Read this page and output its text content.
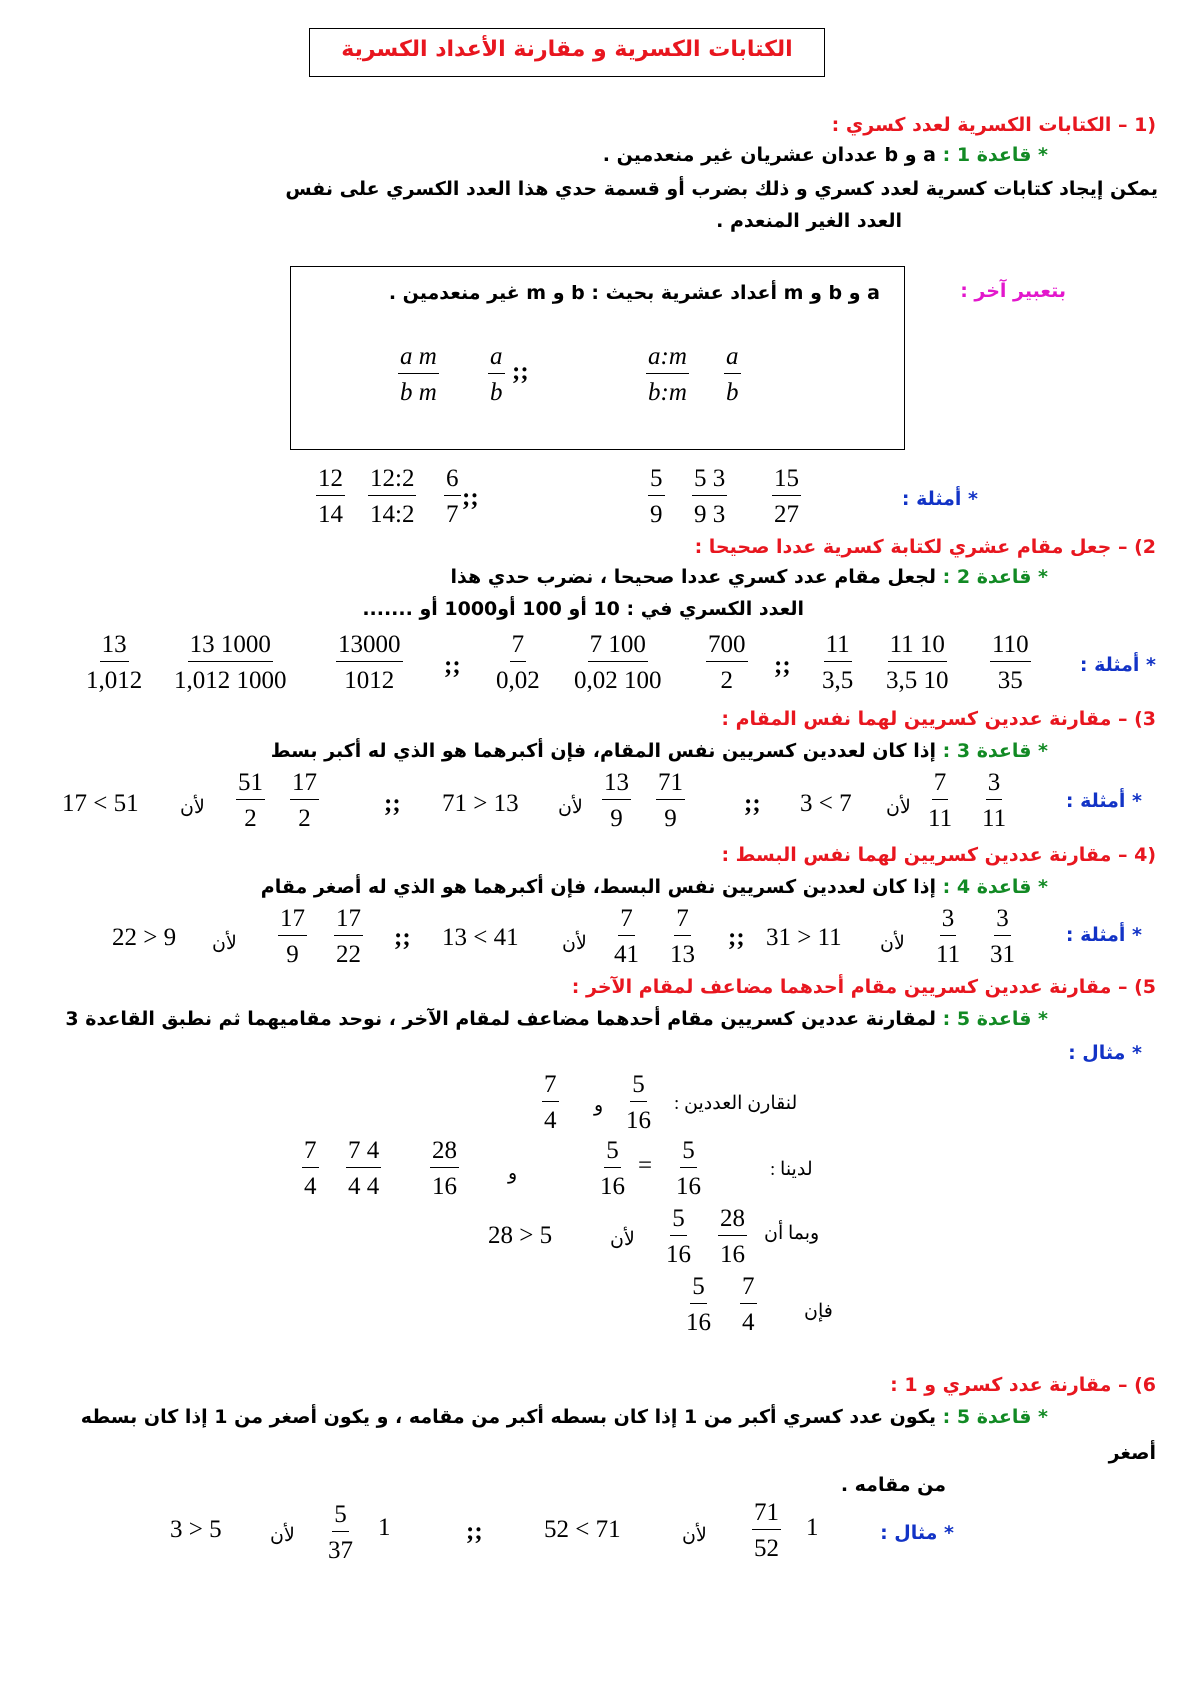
الكتابات الكسرية و مقارنة الأعداد الكسرية
(1 – الكتابات الكسرية لعدد كسري :
* قاعدة 1 : a و b عددان عشريان غير منعدمين .
يمكن إيجاد كتابات كسرية لعدد كسري و ذلك بضرب أو قسمة حدي هذا العدد الكسري على نفس
العدد الغير المنعدم .
بتعبير آخر :
a و b و m أعداد عشرية بحيث : b و m غير منعدمين .
$\frac{a:m}{b:m} \frac{a}{b}$
;;
$\frac{a}{b}$
$\frac{\text{a m}}{\text{b m}}$
* أمثلة :
$\frac{5}{9} \frac{5 3}{9 3} \frac{15}{27}$
;;
$\frac{12}{14} \frac{12:2}{14:2} \frac{6}{7}$
2) – جعل مقام عشري لكتابة كسرية عددا صحيحا :
* قاعدة 2 : لجعل مقام عدد كسري عددا صحيحا ، نضرب حدي هذا
العدد الكسري في : 10 أو 100 أو1000 أو .......
* أمثلة :
$\frac{11}{3,5} \frac{11 10}{3,5 10} \frac{110}{35}$
;;
$\frac{7}{0,02} \frac{7 100}{0,02 100} \frac{700}{2}$
;;
$\frac{13}{1,012} \frac{13 1000}{1,012 1000} \frac{13000}{1012}$
3) – مقارنة عددين كسريين لهما نفس المقام :
* قاعدة 3 : إذا كان لعددين كسريين نفس المقام، فإن أكبرهما هو الذي له أكبر بسط
* أمثلة :
$\frac{3}{11}$
$\frac{7}{11}$
لأن
3 < 7
;;
$\frac{71}{9}$
$\frac{13}{9}$
لأن
71 > 13
;;
$\frac{17}{2}$
$\frac{51}{2}$
لأن
17 < 51
(4 – مقارنة عددين كسريين لهما نفس البسط :
* قاعدة 4 : إذا كان لعددين كسريين نفس البسط، فإن أكبرهما هو الذي له أصغر مقام
* أمثلة :
$\frac{3}{31}$
$\frac{3}{11}$
لأن
31 > 11
;;
$\frac{7}{13}$
$\frac{7}{41}$
لأن
13 < 41
;;
$\frac{17}{22}$
$\frac{17}{9}$
لأن
22 > 9
5) – مقارنة عددين كسريين مقام أحدهما مضاعف لمقام الآخر :
* قاعدة 5 : لمقارنة عددين كسريين مقام أحدهما مضاعف لمقام الآخر ، نوحد مقاميهما ثم نطبق القاعدة 3
* مثال :
لنقارن العددين :
$\frac{5}{16}$
و
$\frac{7}{4}$
لدينا :
$\frac{5}{16}$
=
$\frac{5}{16}$
و
$\frac{28}{16}$
$\frac{7 4}{4 4}$
$\frac{7}{4}$
وبما أن
$\frac{28}{16}$
$\frac{5}{16}$
لأن
28 > 5
فإن
$\frac{7}{4}$
$\frac{5}{16}$
6) – مقارنة عدد كسري و 1 :
* قاعدة 5 : يكون عدد كسري أكبر من 1 إذا كان بسطه أكبر من مقامه ، و يكون أصغر من 1 إذا كان بسطه
أصغر
من مقامه .
* مثال :
1
$\frac{71}{52}$
لأن
52 < 71
;;
1
$\frac{5}{37}$
لأن
3 > 5
